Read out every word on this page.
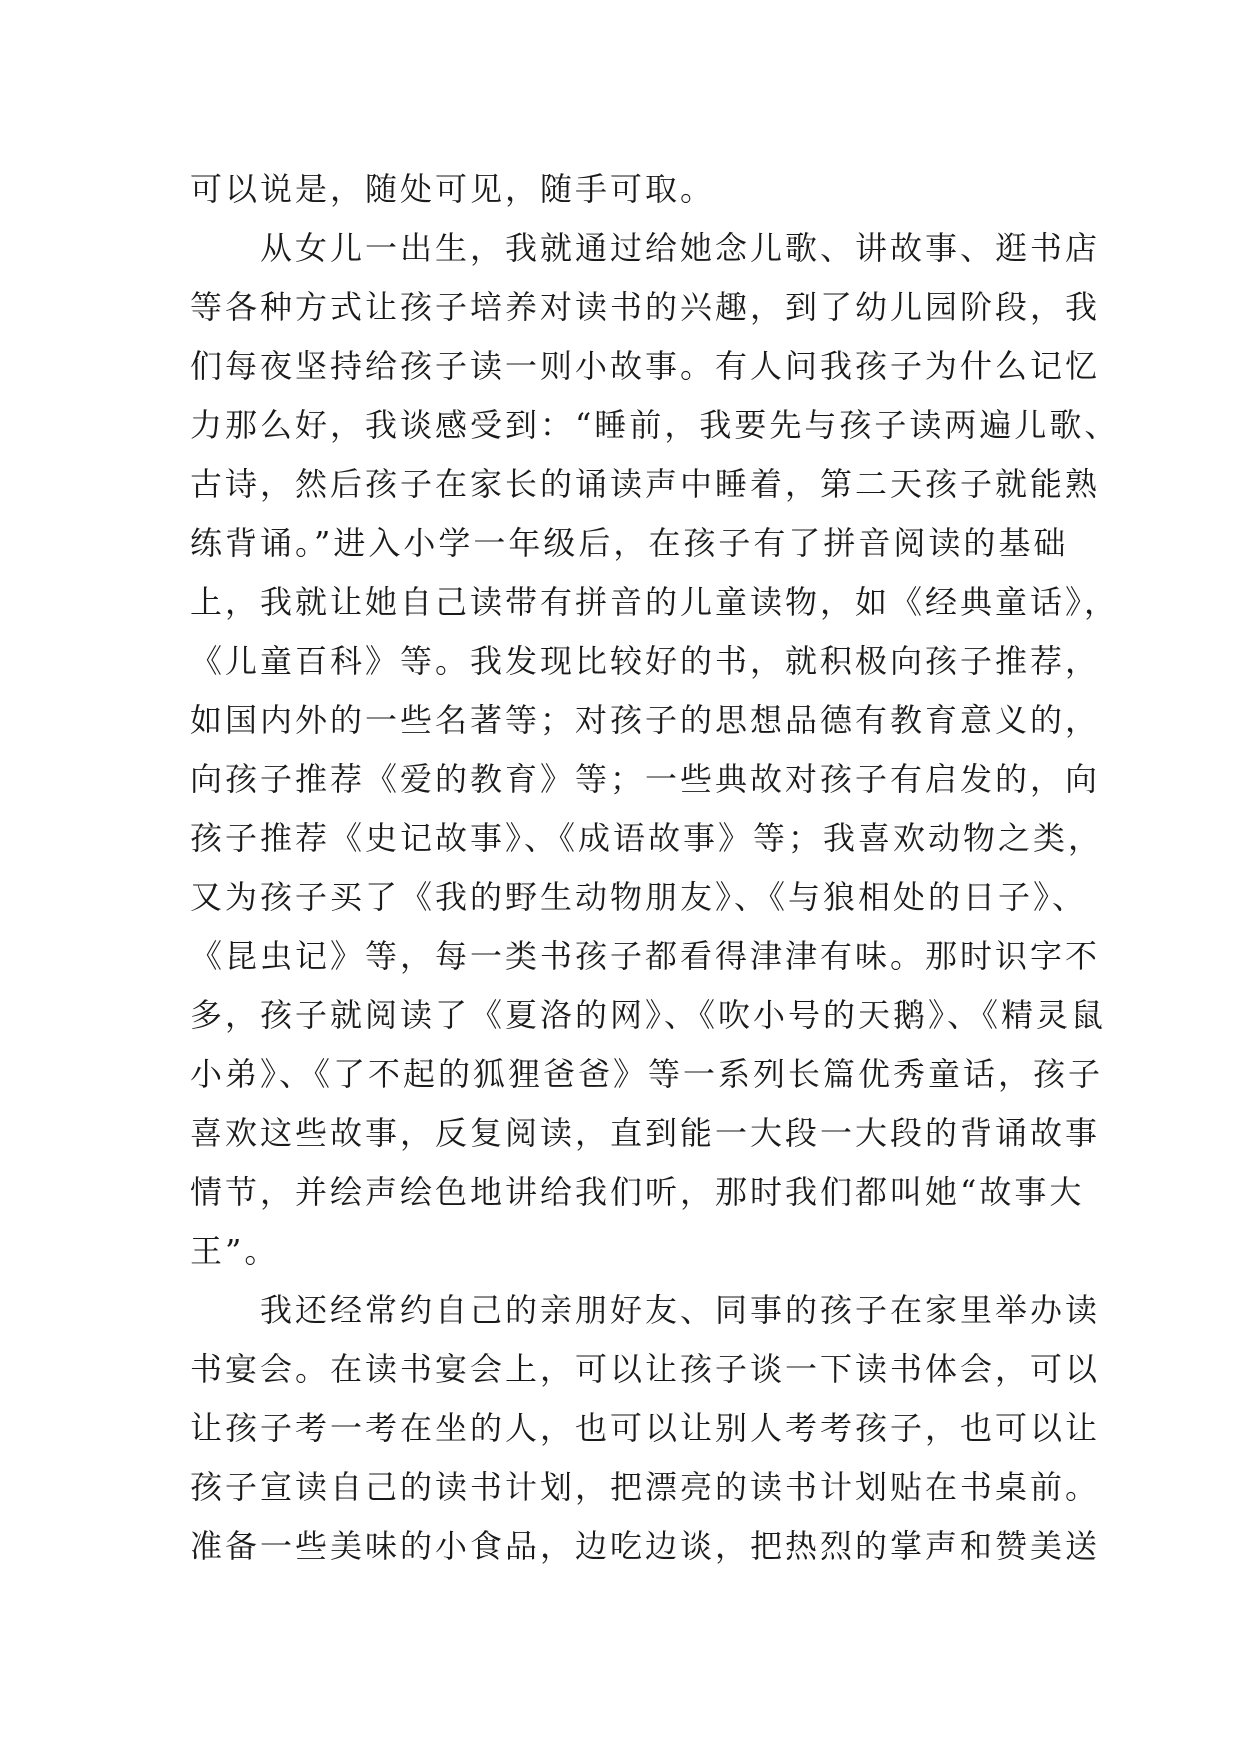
可以说是，随处可见，随手可取。
从女儿一出生，我就通过给她念儿歌、讲故事、逛书店
等各种方式让孩子培养对读书的兴趣，到了幼儿园阶段，我
们每夜坚持给孩子读一则小故事。有人问我孩子为什么记忆
力那么好，我谈感受到：“睡前，我要先与孩子读两遍儿歌、
古诗，然后孩子在家长的诵读声中睡着，第二天孩子就能熟
练背诵。”进入小学一年级后，在孩子有了拼音阅读的基础
上，我就让她自己读带有拼音的儿童读物，如《经典童话》，
《儿童百科》等。我发现比较好的书，就积极向孩子推荐，
如国内外的一些名著等；对孩子的思想品德有教育意义的，
向孩子推荐《爱的教育》等；一些典故对孩子有启发的，向
孩子推荐《史记故事》、《成语故事》等；我喜欢动物之类，
又为孩子买了《我的野生动物朋友》、《与狼相处的日子》、
《昆虫记》等，每一类书孩子都看得津津有味。那时识字不
多，孩子就阅读了《夏洛的网》、《吹小号的天鹅》、《精灵鼠
小弟》、《了不起的狐狸爸爸》等一系列长篇优秀童话，孩子
喜欢这些故事，反复阅读，直到能一大段一大段的背诵故事
情节，并绘声绘色地讲给我们听，那时我们都叫她“故事大
王”。
我还经常约自己的亲朋好友、同事的孩子在家里举办读
书宴会。在读书宴会上，可以让孩子谈一下读书体会，可以
让孩子考一考在坐的人，也可以让别人考考孩子，也可以让
孩子宣读自己的读书计划，把漂亮的读书计划贴在书桌前。
准备一些美味的小食品，边吃边谈，把热烈的掌声和赞美送
